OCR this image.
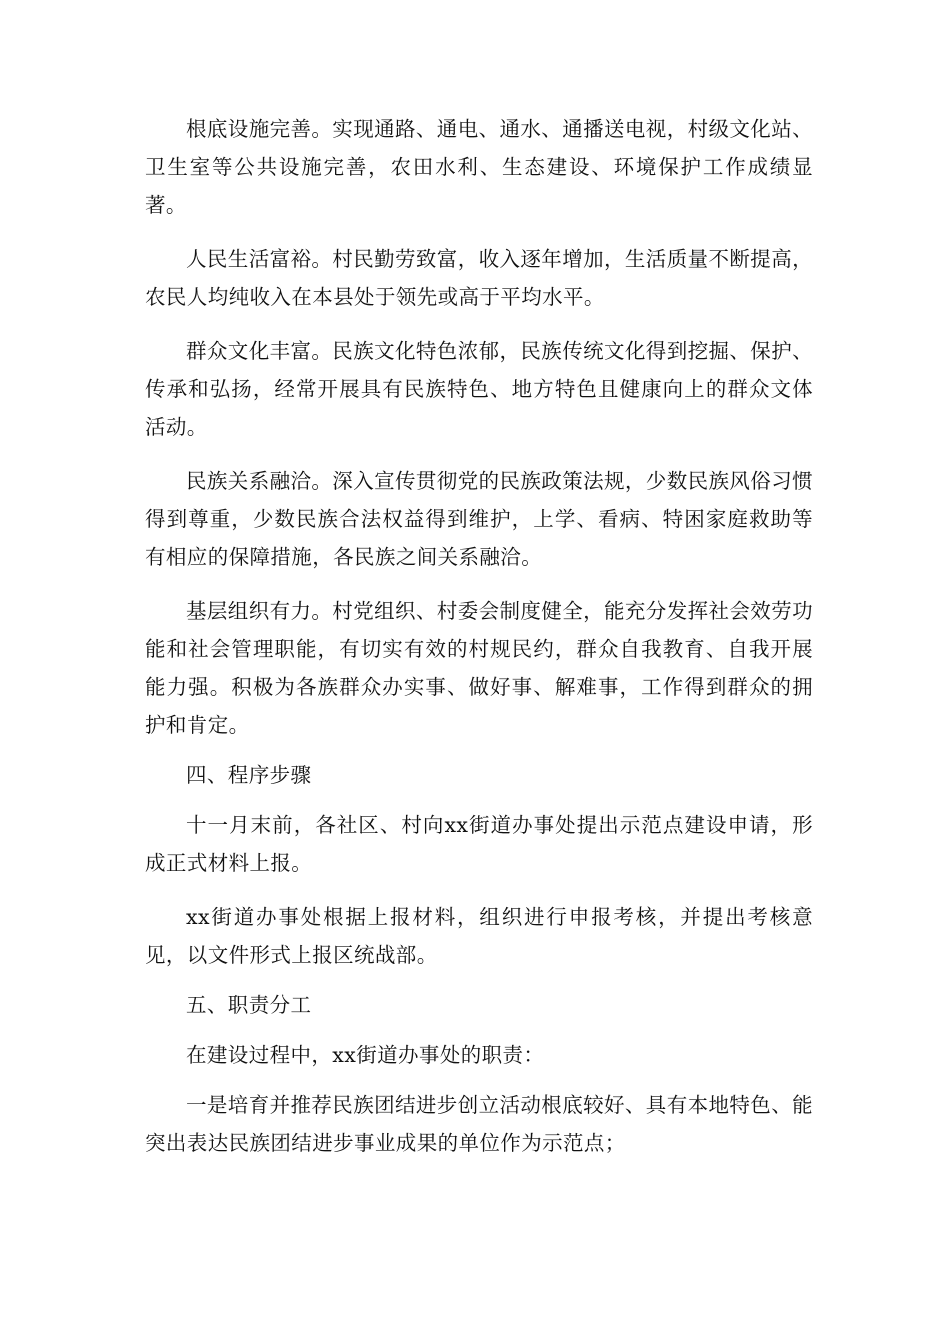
根底设施完善。实现通路、通电、通水、通播送电视，村级文化站、卫生室等公共设施完善，农田水利、生态建设、环境保护工作成绩显著。

人民生活富裕。村民勤劳致富，收入逐年增加，生活质量不断提高，农民人均纯收入在本县处于领先或高于平均水平。

群众文化丰富。民族文化特色浓郁，民族传统文化得到挖掘、保护、传承和弘扬，经常开展具有民族特色、地方特色且健康向上的群众文体活动。

民族关系融洽。深入宣传贯彻党的民族政策法规，少数民族风俗习惯得到尊重，少数民族合法权益得到维护，上学、看病、特困家庭救助等有相应的保障措施，各民族之间关系融洽。

基层组织有力。村党组织、村委会制度健全，能充分发挥社会效劳功能和社会管理职能，有切实有效的村规民约，群众自我教育、自我开展能力强。积极为各族群众办实事、做好事、解难事，工作得到群众的拥护和肯定。

四、程序步骤

十一月末前，各社区、村向xx街道办事处提出示范点建设申请，形成正式材料上报。

xx街道办事处根据上报材料，组织进行申报考核，并提出考核意见，以文件形式上报区统战部。

五、职责分工

在建设过程中，xx街道办事处的职责：

一是培育并推荐民族团结进步创立活动根底较好、具有本地特色、能突出表达民族团结进步事业成果的单位作为示范点；
